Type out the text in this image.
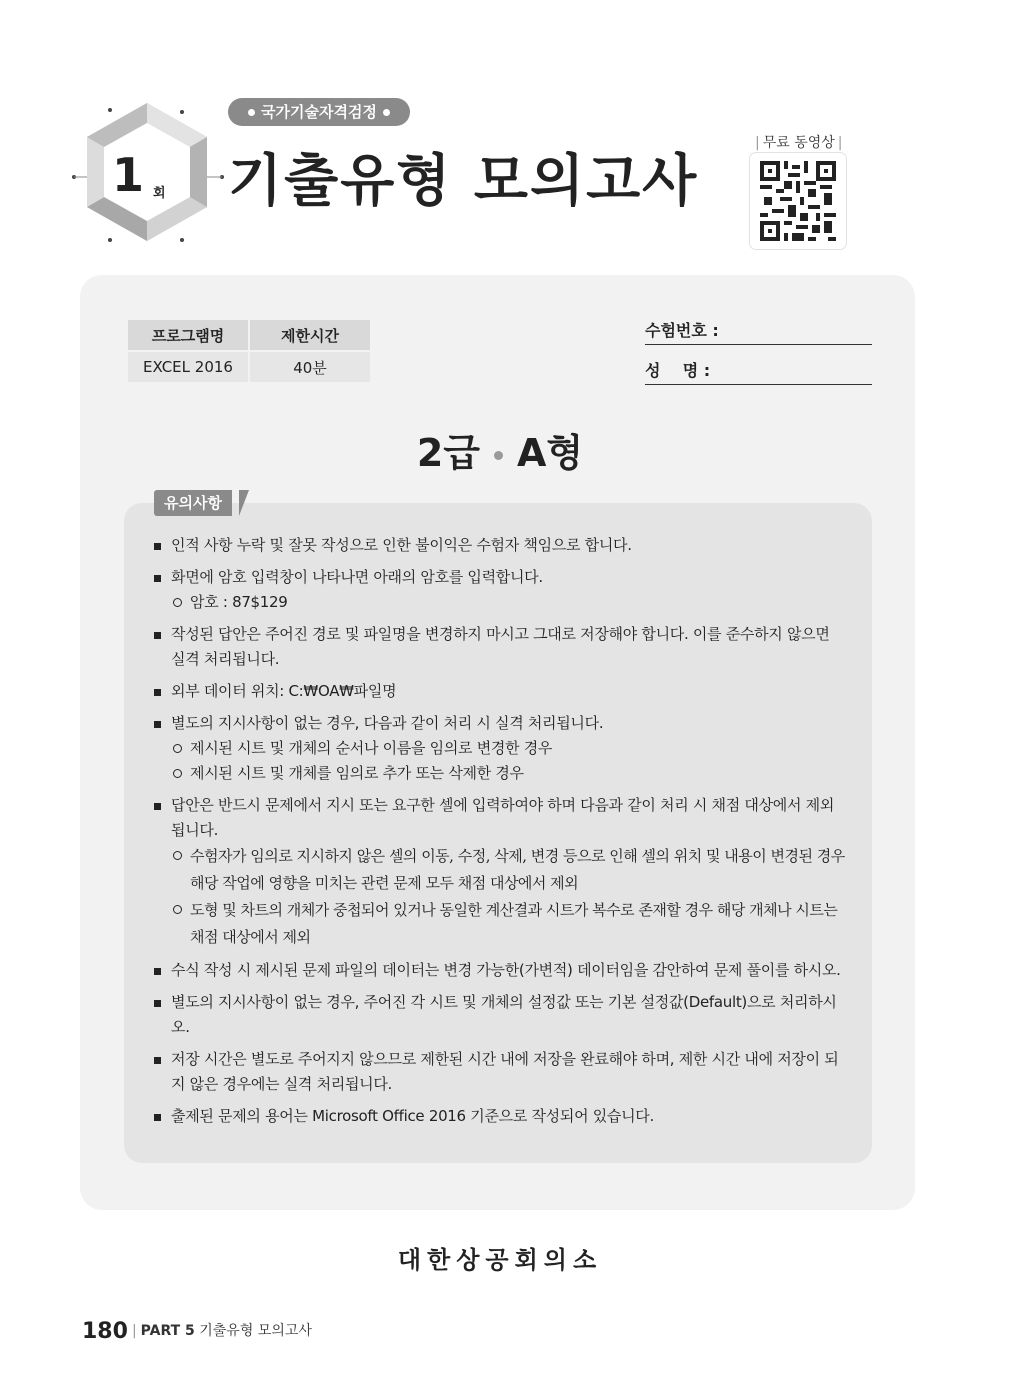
1 회
국가기술자격검정
기출유형 모의고사
| 무료 동영상 |
프로그램명	제한시간
EXCEL 2016	40분
수험번호 :
성    명 :
2급 A형
유의사항
인적 사항 누락 및 잘못 작성으로 인한 불이익은 수험자 책임으로 합니다.
화면에 암호 입력창이 나타나면 아래의 암호를 입력합니다.
암호 : 87$129
작성된 답안은 주어진 경로 및 파일명을 변경하지 마시고 그대로 저장해야 합니다. 이를 준수하지 않으면 실격 처리됩니다.
외부 데이터 위치: C:₩OA₩파일명
별도의 지시사항이 없는 경우, 다음과 같이 처리 시 실격 처리됩니다.
제시된 시트 및 개체의 순서나 이름을 임의로 변경한 경우
제시된 시트 및 개체를 임의로 추가 또는 삭제한 경우
답안은 반드시 문제에서 지시 또는 요구한 셀에 입력하여야 하며 다음과 같이 처리 시 채점 대상에서 제외됩니다.
수험자가 임의로 지시하지 않은 셀의 이동, 수정, 삭제, 변경 등으로 인해 셀의 위치 및 내용이 변경된 경우 해당 작업에 영향을 미치는 관련 문제 모두 채점 대상에서 제외
도형 및 차트의 개체가 중첩되어 있거나 동일한 계산결과 시트가 복수로 존재할 경우 해당 개체나 시트는 채점 대상에서 제외
수식 작성 시 제시된 문제 파일의 데이터는 변경 가능한(가변적) 데이터임을 감안하여 문제 풀이를 하시오.
별도의 지시사항이 없는 경우, 주어진 각 시트 및 개체의 설정값 또는 기본 설정값(Default)으로 처리하시오.
저장 시간은 별도로 주어지지 않으므로 제한된 시간 내에 저장을 완료해야 하며, 제한 시간 내에 저장이 되지 않은 경우에는 실격 처리됩니다.
출제된 문제의 용어는 Microsoft Office 2016 기준으로 작성되어 있습니다.
대한상공회의소
180 | PART 5 기출유형 모의고사
